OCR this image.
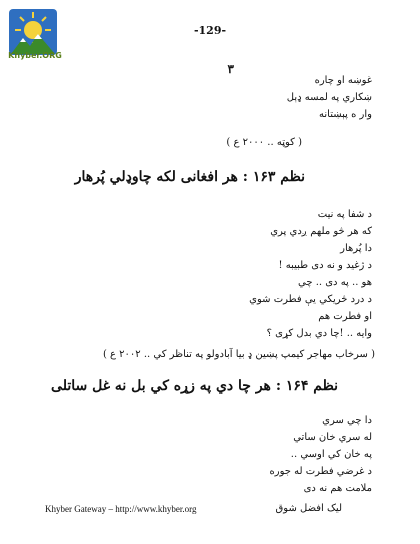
Khyber.ORG
-129-
۳
غوښه او چاره
ښکاري په لمسه ډېل
وار ه پېښتانه
( کوټه .. ۲۰۰۰ ع )
نظم ۱۶۳ : هر افغانی لکه چاوډلي پُرهار
د شفا په نیت
که هر څو ملهم ږدي پري
دا پُرهار
د ژغید و نه دی طبیبه !
هو .. په دی .. چي
د درد څريکي يې فطرت شوي
او فطرت هم
وايه .. !چا دي بدل کړی ؟
( سرخاب مهاجر کیمپ پښين ډ بيا آبادولو په تناظر کي .. ۲۰۰۲ ع )
نظم ۱۶۴ : هر چا دي په زړه کي بل نه غل ساتلی
دا چي سري
له سري خان ساتي
په خان کي اوسي ..
د غرضي فطرت له جوره
ملامت هم نه دی
Khyber Gateway – http://www.khyber.org	ليک افضل شوق
